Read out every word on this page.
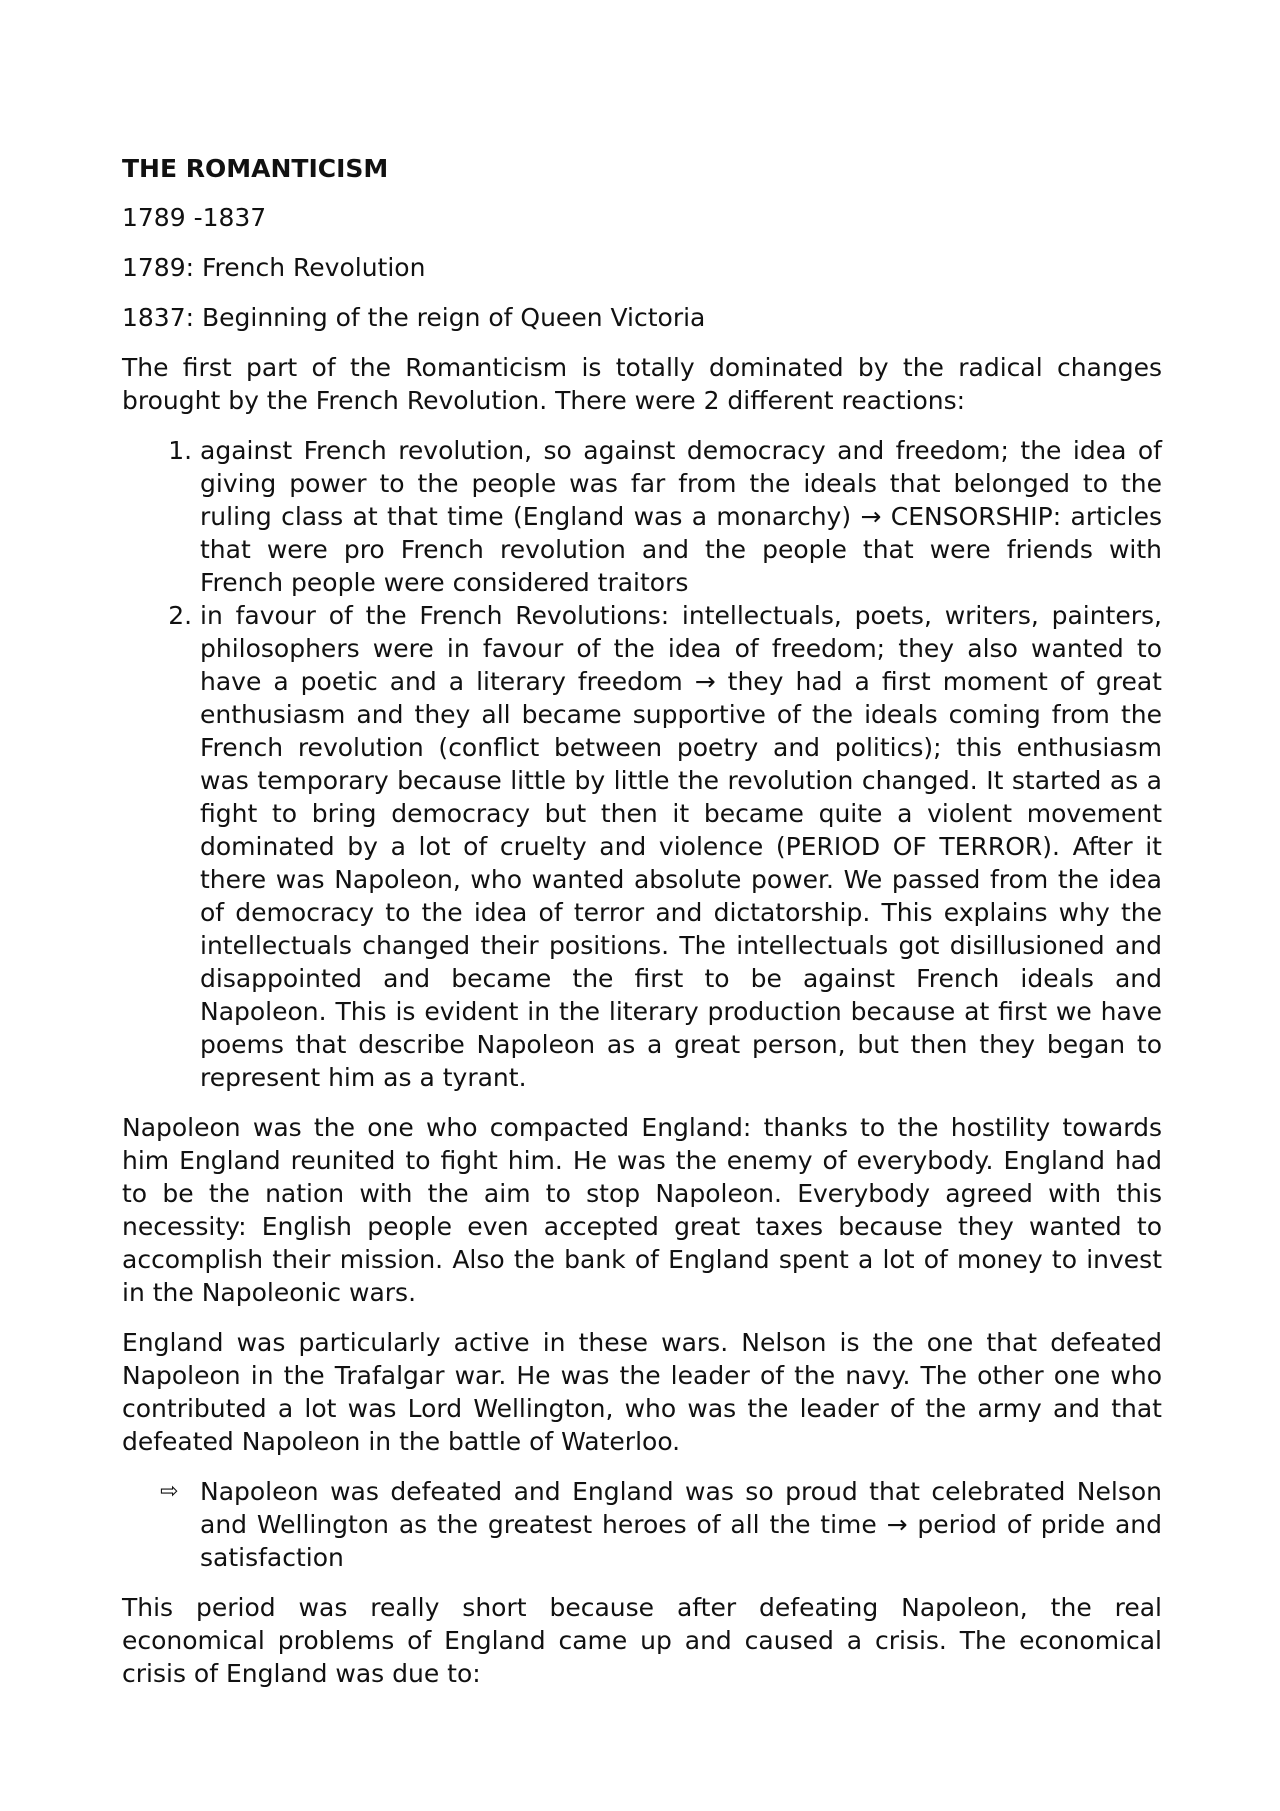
THE ROMANTICISM
1789 -1837
1789: French Revolution
1837: Beginning of the reign of Queen Victoria
The first part of the Romanticism is totally dominated by the radical changes brought by the French Revolution. There were 2 different reactions:
1. against French revolution, so against democracy and freedom; the idea of giving power to the people was far from the ideals that belonged to the ruling class at that time (England was a monarchy) → CENSORSHIP: articles that were pro French revolution and the people that were friends with French people were considered traitors
2. in favour of the French Revolutions: intellectuals, poets, writers, painters, philosophers were in favour of the idea of freedom; they also wanted to have a poetic and a literary freedom → they had a first moment of great enthusiasm and they all became supportive of the ideals coming from the French revolution (conflict between poetry and politics); this enthusiasm was temporary because little by little the revolution changed. It started as a fight to bring democracy but then it became quite a violent movement dominated by a lot of cruelty and violence (PERIOD OF TERROR). After it there was Napoleon, who wanted absolute power. We passed from the idea of democracy to the idea of terror and dictatorship. This explains why the intellectuals changed their positions. The intellectuals got disillusioned and disappointed and became the first to be against French ideals and Napoleon. This is evident in the literary production because at first we have poems that describe Napoleon as a great person, but then they began to represent him as a tyrant.
Napoleon was the one who compacted England: thanks to the hostility towards him England reunited to fight him. He was the enemy of everybody. England had to be the nation with the aim to stop Napoleon. Everybody agreed with this necessity: English people even accepted great taxes because they wanted to accomplish their mission. Also the bank of England spent a lot of money to invest in the Napoleonic wars.
England was particularly active in these wars. Nelson is the one that defeated Napoleon in the Trafalgar war. He was the leader of the navy. The other one who contributed a lot was Lord Wellington, who was the leader of the army and that defeated Napoleon in the battle of Waterloo.
⇨ Napoleon was defeated and England was so proud that celebrated Nelson and Wellington as the greatest heroes of all the time → period of pride and satisfaction
This period was really short because after defeating Napoleon, the real economical problems of England came up and caused a crisis. The economical crisis of England was due to:
